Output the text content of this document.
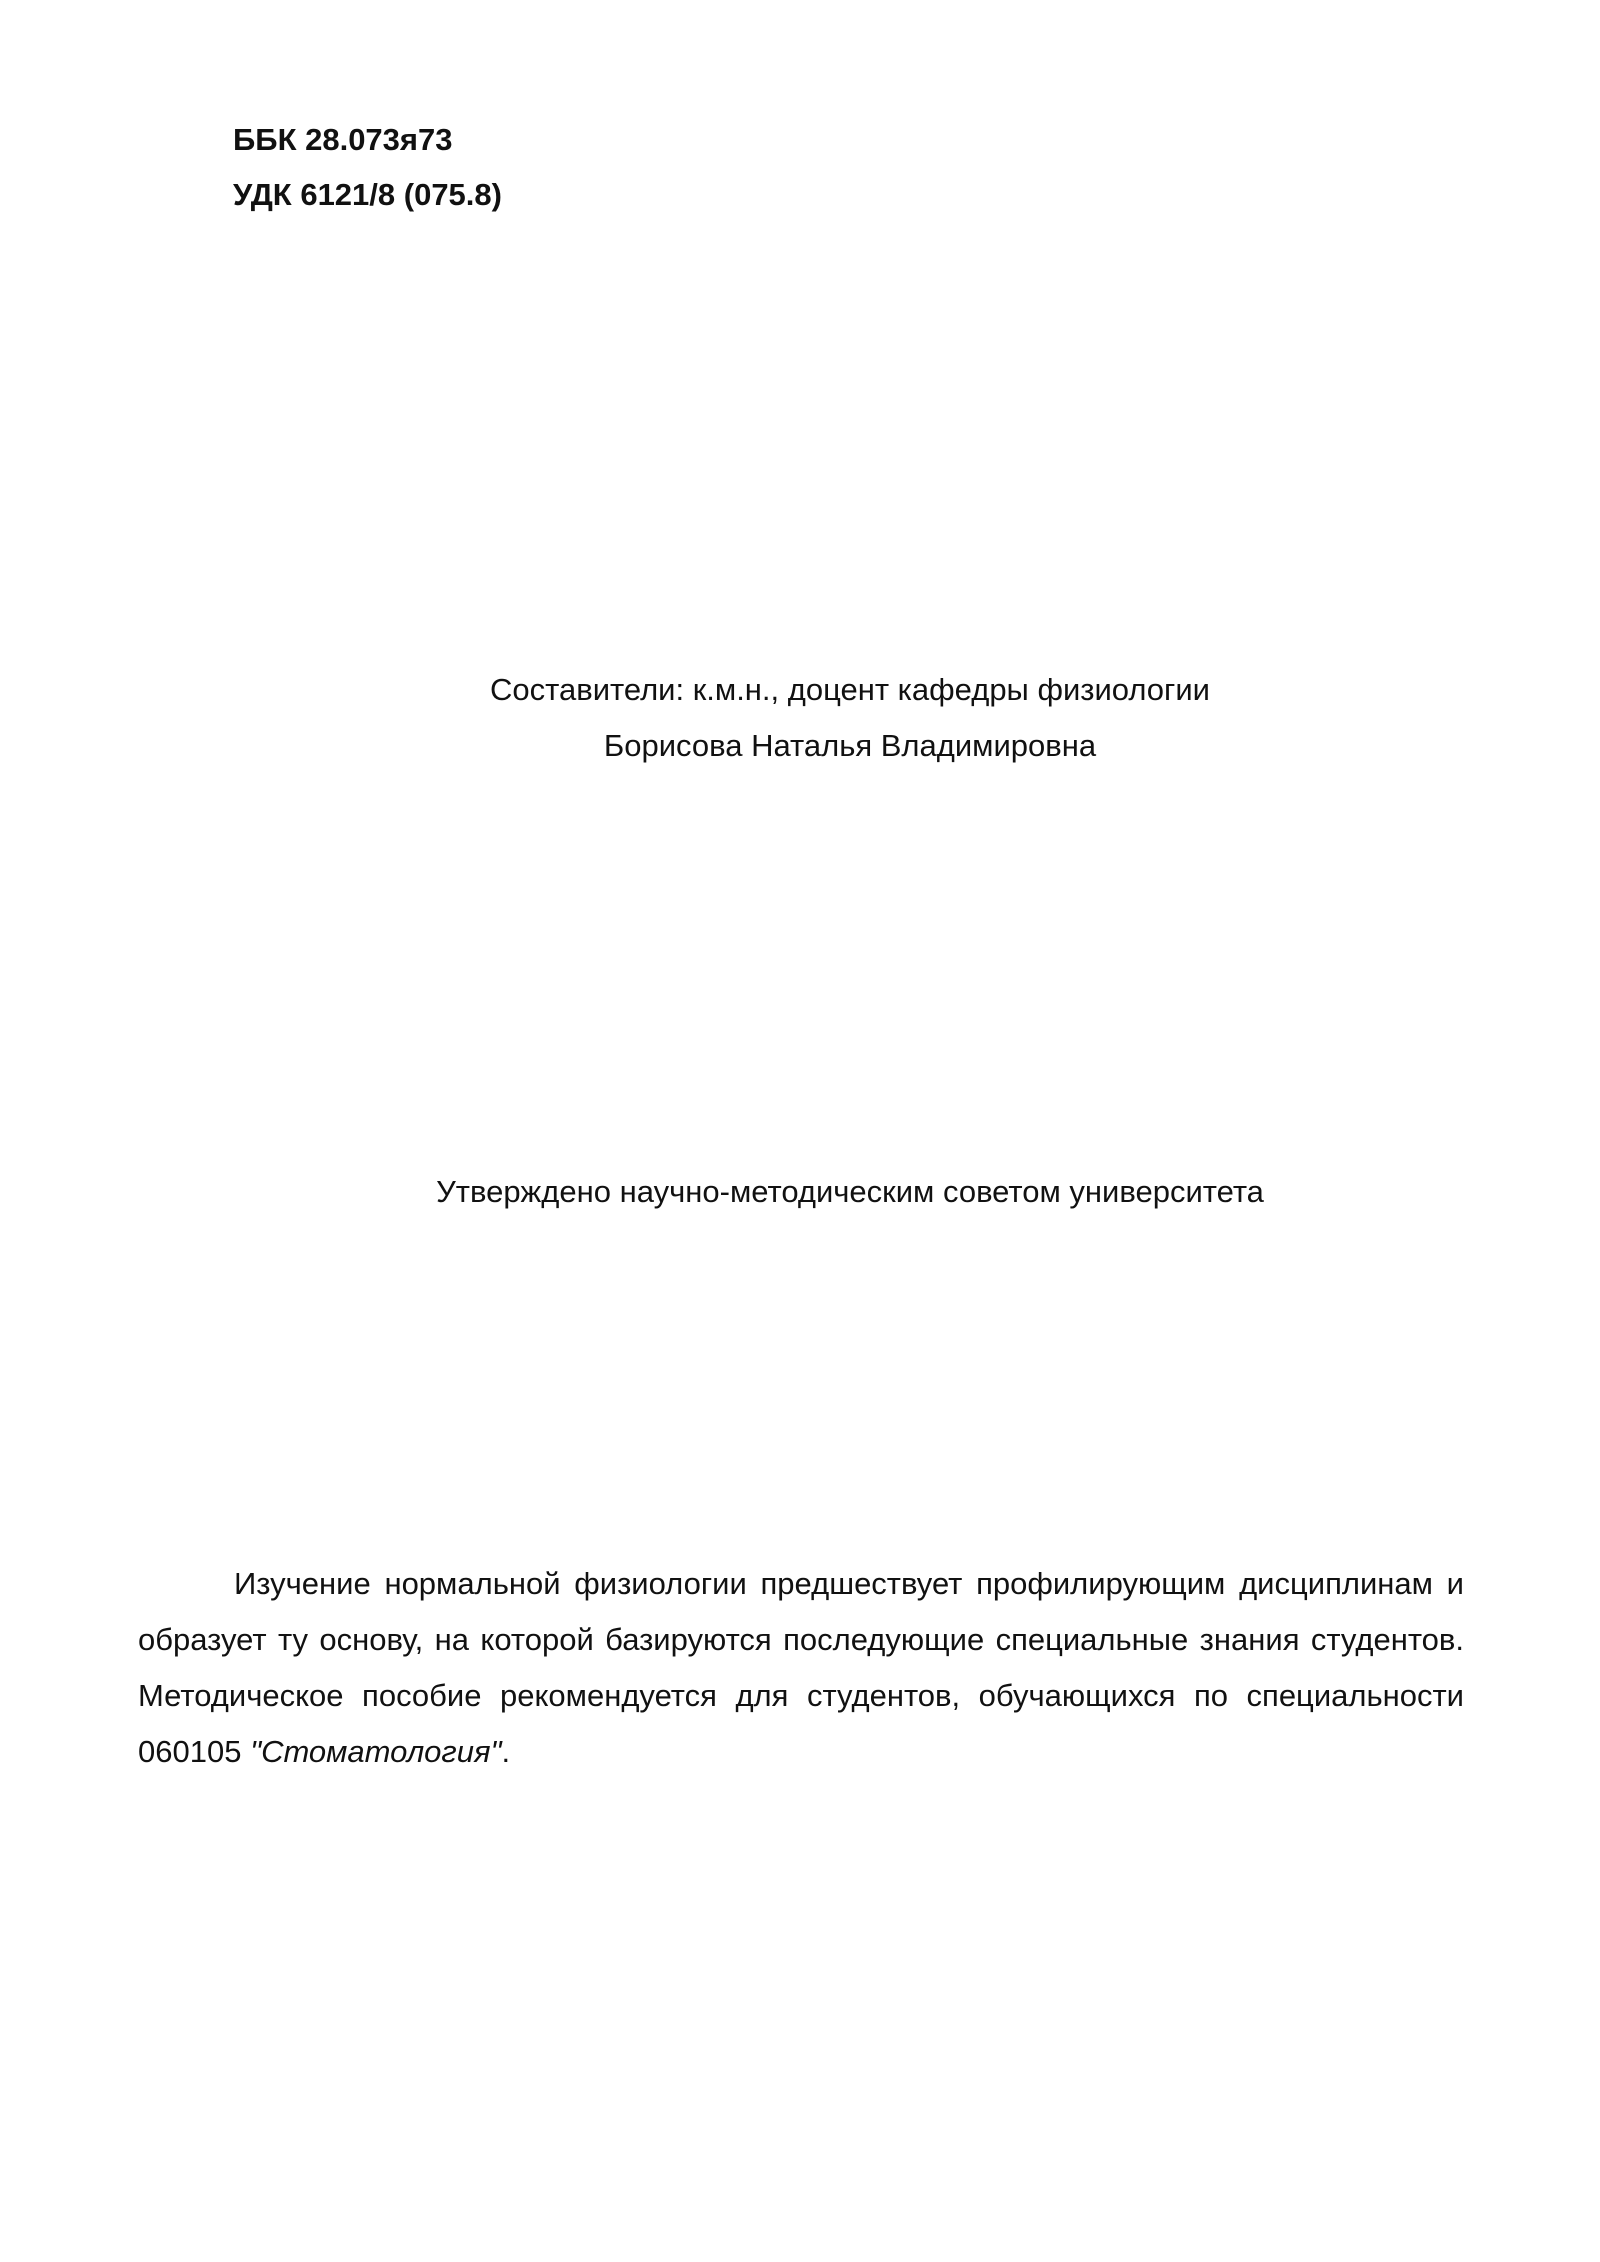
ББК 28.073я73
УДК 6121/8 (075.8)
Составители: к.м.н., доцент кафедры физиологии
Борисова Наталья Владимировна
Утверждено научно-методическим советом университета
Изучение нормальной физиологии предшествует профилирующим дисциплинам и образует ту основу, на которой базируются последующие специальные знания студентов. Методическое пособие рекомендуется для студентов, обучающихся по специальности 060105 "Стоматология".
